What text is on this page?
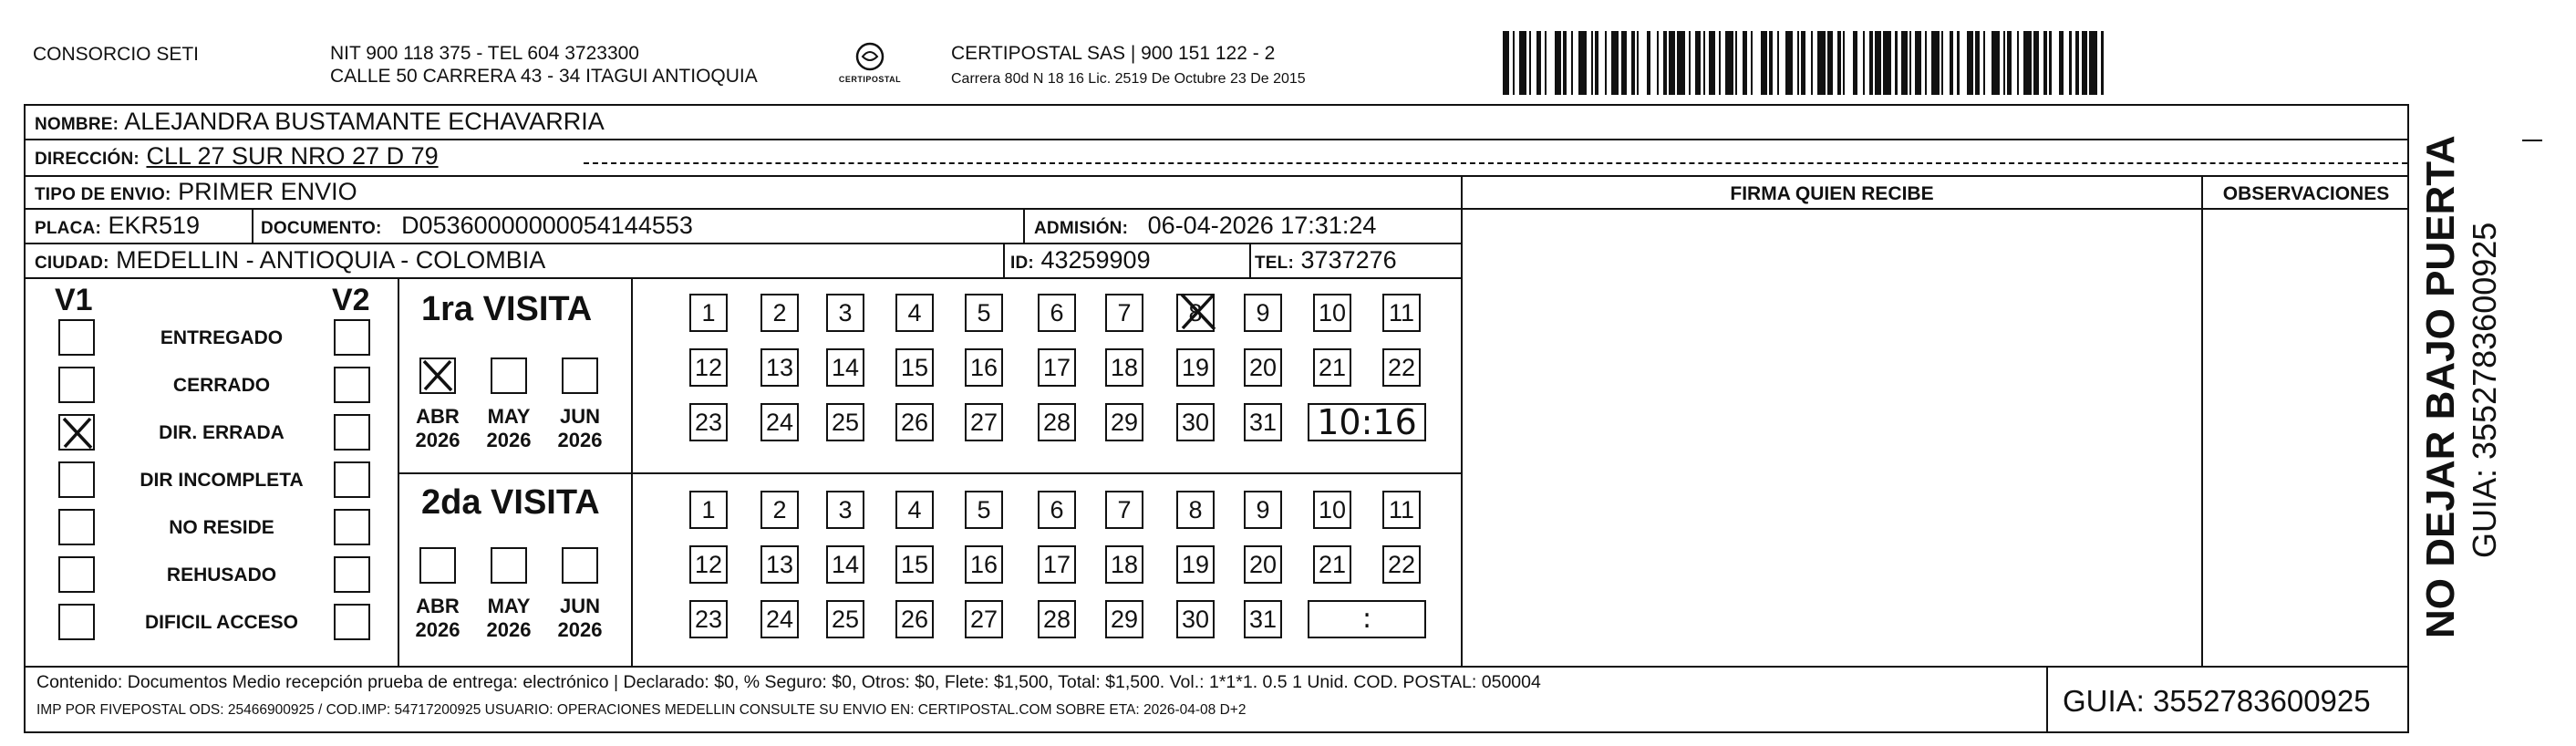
CONSORCIO SETI	NIT 900 118 375 - TEL 604 3723300
CALLE 50 CARRERA 43 - 34 ITAGUI ANTIOQUIA	CERTIPOSTAL
CERTIPOSTAL SAS | 900 151 122 - 2
Carrera 80d N 18 16 Lic. 2519 De Octubre 23 De 2015
NOMBRE: ALEJANDRA BUSTAMANTE ECHAVARRIA
DIRECCIÓN: CLL 27 SUR NRO 27 D 79
TIPO DE ENVIO: PRIMER ENVIO	FIRMA QUIEN RECIBE	OBSERVACIONES
PLACA: EKR519	DOCUMENTO: D05360000000054144553	ADMISIÓN: 06-04-2026 17:31:24
CIUDAD: MEDELLIN - ANTIOQUIA - COLOMBIA	ID: 43259909	TEL: 3737276
V1	V2
ENTREGADO
CERRADO
DIR. ERRADA
DIR INCOMPLETA
NO RESIDE
REHUSADO
DIFICIL ACCESO
1ra VISITA
ABR
2026
MAY
2026
JUN
2026
1	2	3	4	5	6	7	8	9	10 11
12 13 14 15 16 17 18 19 20 21 22
23 24 25 26 27 28 29 30 31 10:16
2da VISITA
ABR
2026
MAY
2026
JUN
2026
1	2	3	4	5	6	7	8	9	10 11
12 13 14 15 16 17 18 19 20 21 22
23 24 25 26 27 28 29 30 31	:
Contenido: Documentos Medio recepción prueba de entrega: electrónico | Declarado: $0, % Seguro: $0, Otros: $0, Flete: $1,500, Total: $1,500. Vol.: 1*1*1. 0.5 1 Unid. COD. POSTAL: 050004
IMP POR FIVEPOSTAL ODS: 25466900925 / COD.IMP: 54717200925 USUARIO: OPERACIONES MEDELLIN CONSULTE SU ENVIO EN: CERTIPOSTAL.COM SOBRE ETA: 2026-04-08 D+2	GUIA: 3552783600925
NO DEJAR BAJO PUERTA GUIA: 3552783600925
